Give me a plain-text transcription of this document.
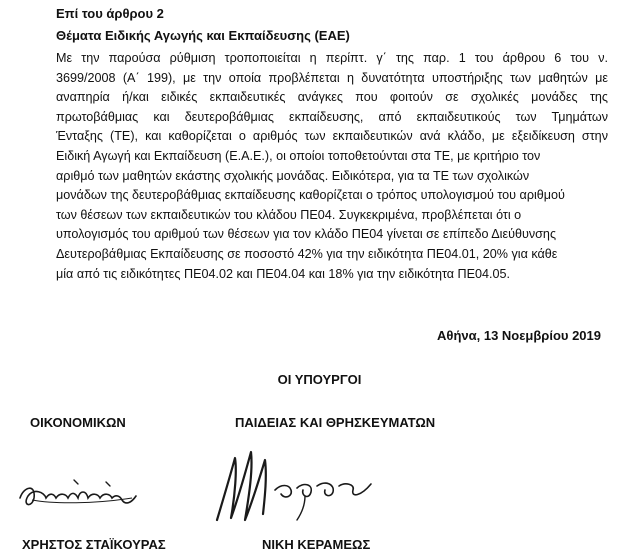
Επί του άρθρου 2
Θέματα Ειδικής Αγωγής και Εκπαίδευσης (ΕΑΕ)
Με την παρούσα ρύθμιση τροποποιείται η περίπτ. γ΄ της παρ. 1 του άρθρου 6 του ν.
3699/2008 (Α΄ 199), με την οποία προβλέπεται η δυνατότητα υποστήριξης των μαθητών με
αναπηρία ή/και ειδικές εκπαιδευτικές ανάγκες που φοιτούν σε σχολικές μονάδες της
πρωτοβάθμιας και δευτεροβάθμιας εκπαίδευσης, από εκπαιδευτικούς των Τμημάτων
Ένταξης (ΤΕ), και καθορίζεται ο αριθμός των εκπαιδευτικών ανά κλάδο, με εξειδίκευση στην
Ειδική Αγωγή και Εκπαίδευση (Ε.Α.Ε.), οι οποίοι τοποθετούνται στα ΤΕ, με κριτήριο τον
αριθμό των μαθητών εκάστης σχολικής μονάδας. Ειδικότερα, για τα ΤΕ των σχολικών
μονάδων της δευτεροβάθμιας εκπαίδευσης καθορίζεται ο τρόπος υπολογισμού του αριθμού
των θέσεων των εκπαιδευτικών του κλάδου ΠΕ04. Συγκεκριμένα, προβλέπεται ότι ο
υπολογισμός του αριθμού των θέσεων για τον κλάδο ΠΕ04 γίνεται σε επίπεδο Διεύθυνσης
Δευτεροβάθμιας Εκπαίδευσης σε ποσοστό 42% για την ειδικότητα ΠΕ04.01, 20% για κάθε
μία από τις ειδικότητες ΠΕ04.02 και ΠΕ04.04 και 18% για την ειδικότητα ΠΕ04.05.
Αθήνα, 13 Νοεμβρίου 2019
ΟΙ ΥΠΟΥΡΓΟΙ
ΟΙΚΟΝΟΜΙΚΩΝ	ΠΑΙΔΕΙΑΣ ΚΑΙ ΘΡΗΣΚΕΥΜΑΤΩΝ
ΧΡΗΣΤΟΣ ΣΤΑΪΚΟΥΡΑΣ	ΝΙΚΗ ΚΕΡΑΜΕΩΣ
